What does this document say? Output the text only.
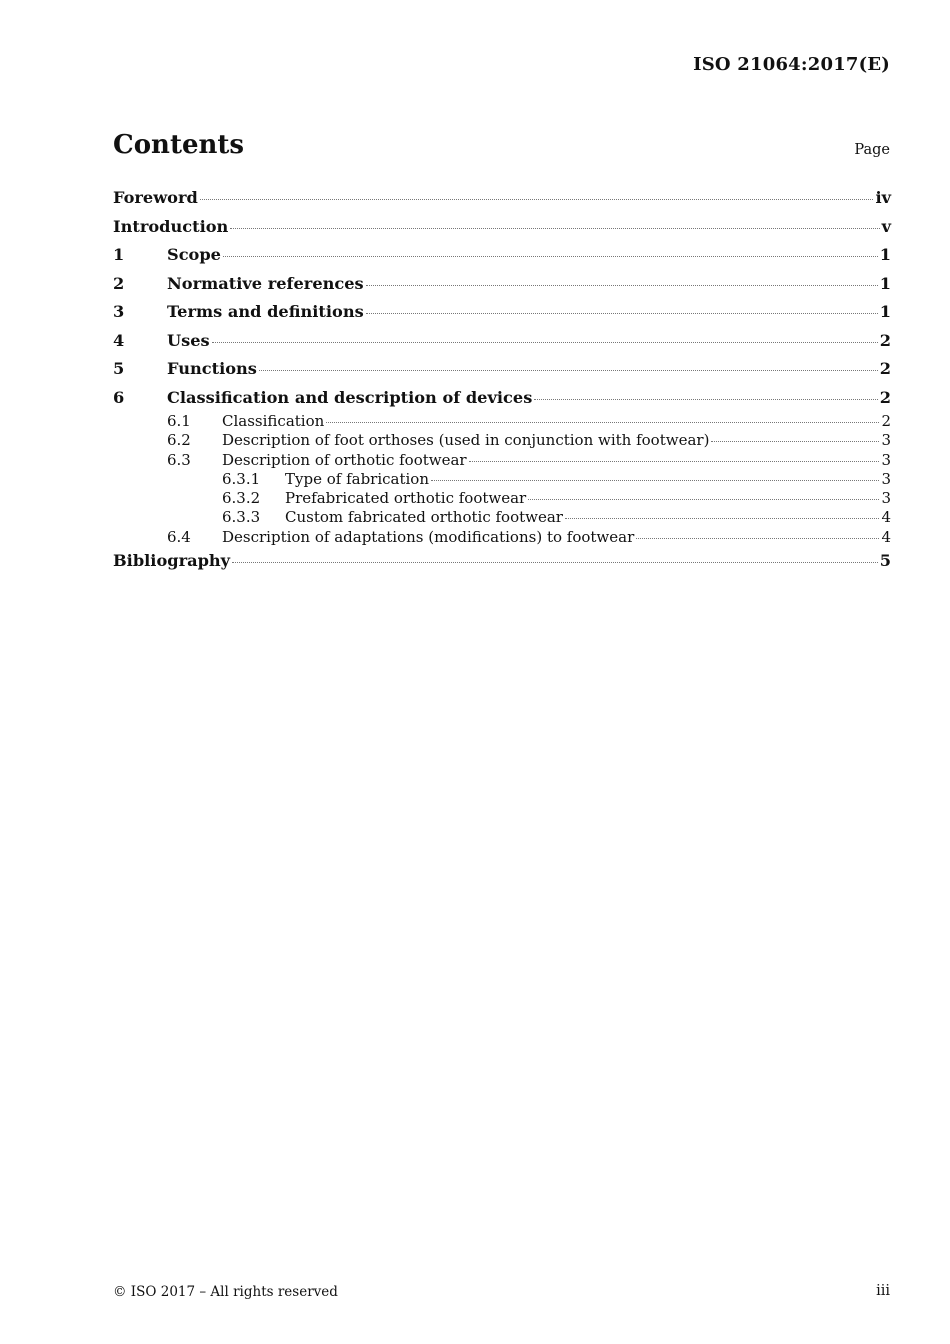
ISO 21064:2017(E)
Contents	Page
Foreword	iv
Introduction	v
1	Scope	1
2	Normative references	1
3	Terms and definitions	1
4	Uses	2
5	Functions	2
6	Classification and description of devices	2
6.1	Classification	2
6.2	Description of foot orthoses (used in conjunction with footwear)	3
6.3	Description of orthotic footwear	3
6.3.1	Type of fabrication	3
6.3.2	Prefabricated orthotic footwear	3
6.3.3	Custom fabricated orthotic footwear	4
6.4	Description of adaptations (modifications) to footwear	4
Bibliography	5
© ISO 2017 – All rights reserved	iii
